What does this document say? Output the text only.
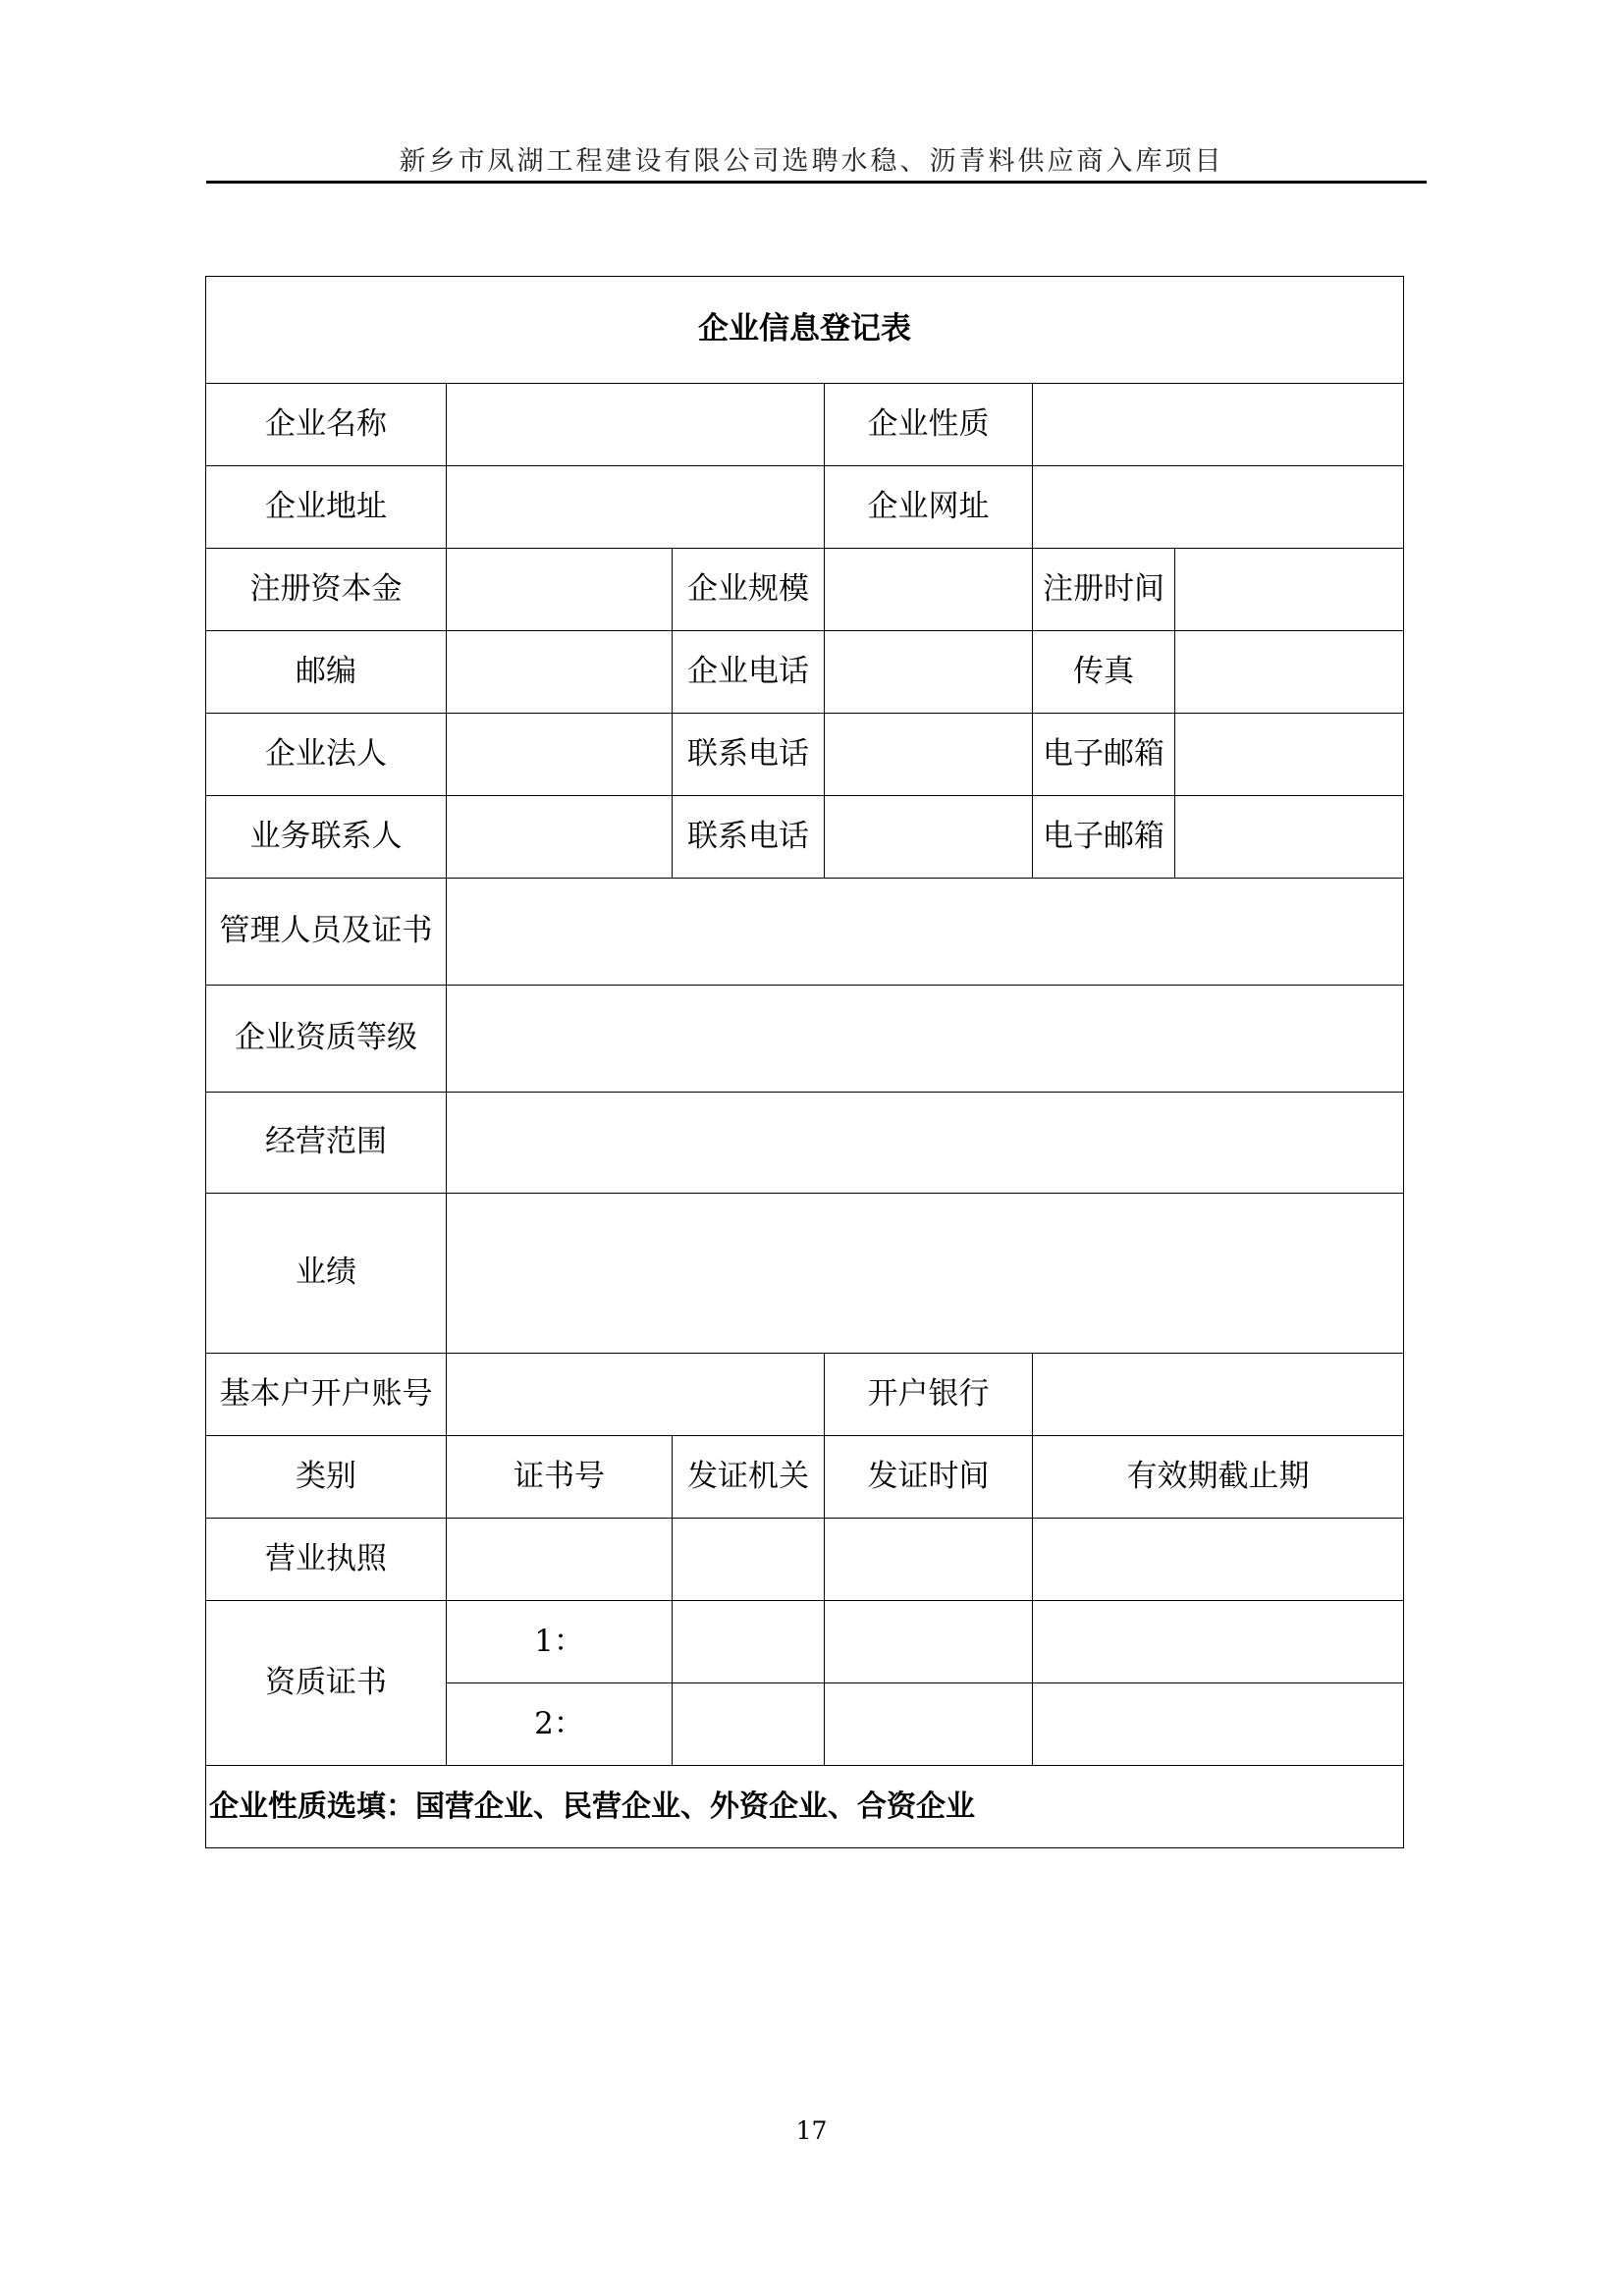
新乡市凤湖工程建设有限公司选聘水稳、沥青料供应商入库项目
企业信息登记表					
企业名称			企业性质		
企业地址			企业网址		
注册资本金		企业规模		注册时间	
邮编		企业电话		传真	
企业法人		联系电话		电子邮箱	
业务联系人		联系电话		电子邮箱	
管理人员及证书					
企业资质等级					
经营范围					
业绩					
基本户开户账号			开户银行		
类别	证书号	发证机关	发证时间	有效期截止期	
营业执照					
资质证书	1：				
	2：				
企业性质选填：国营企业、民营企业、外资企业、合资企业					
17
